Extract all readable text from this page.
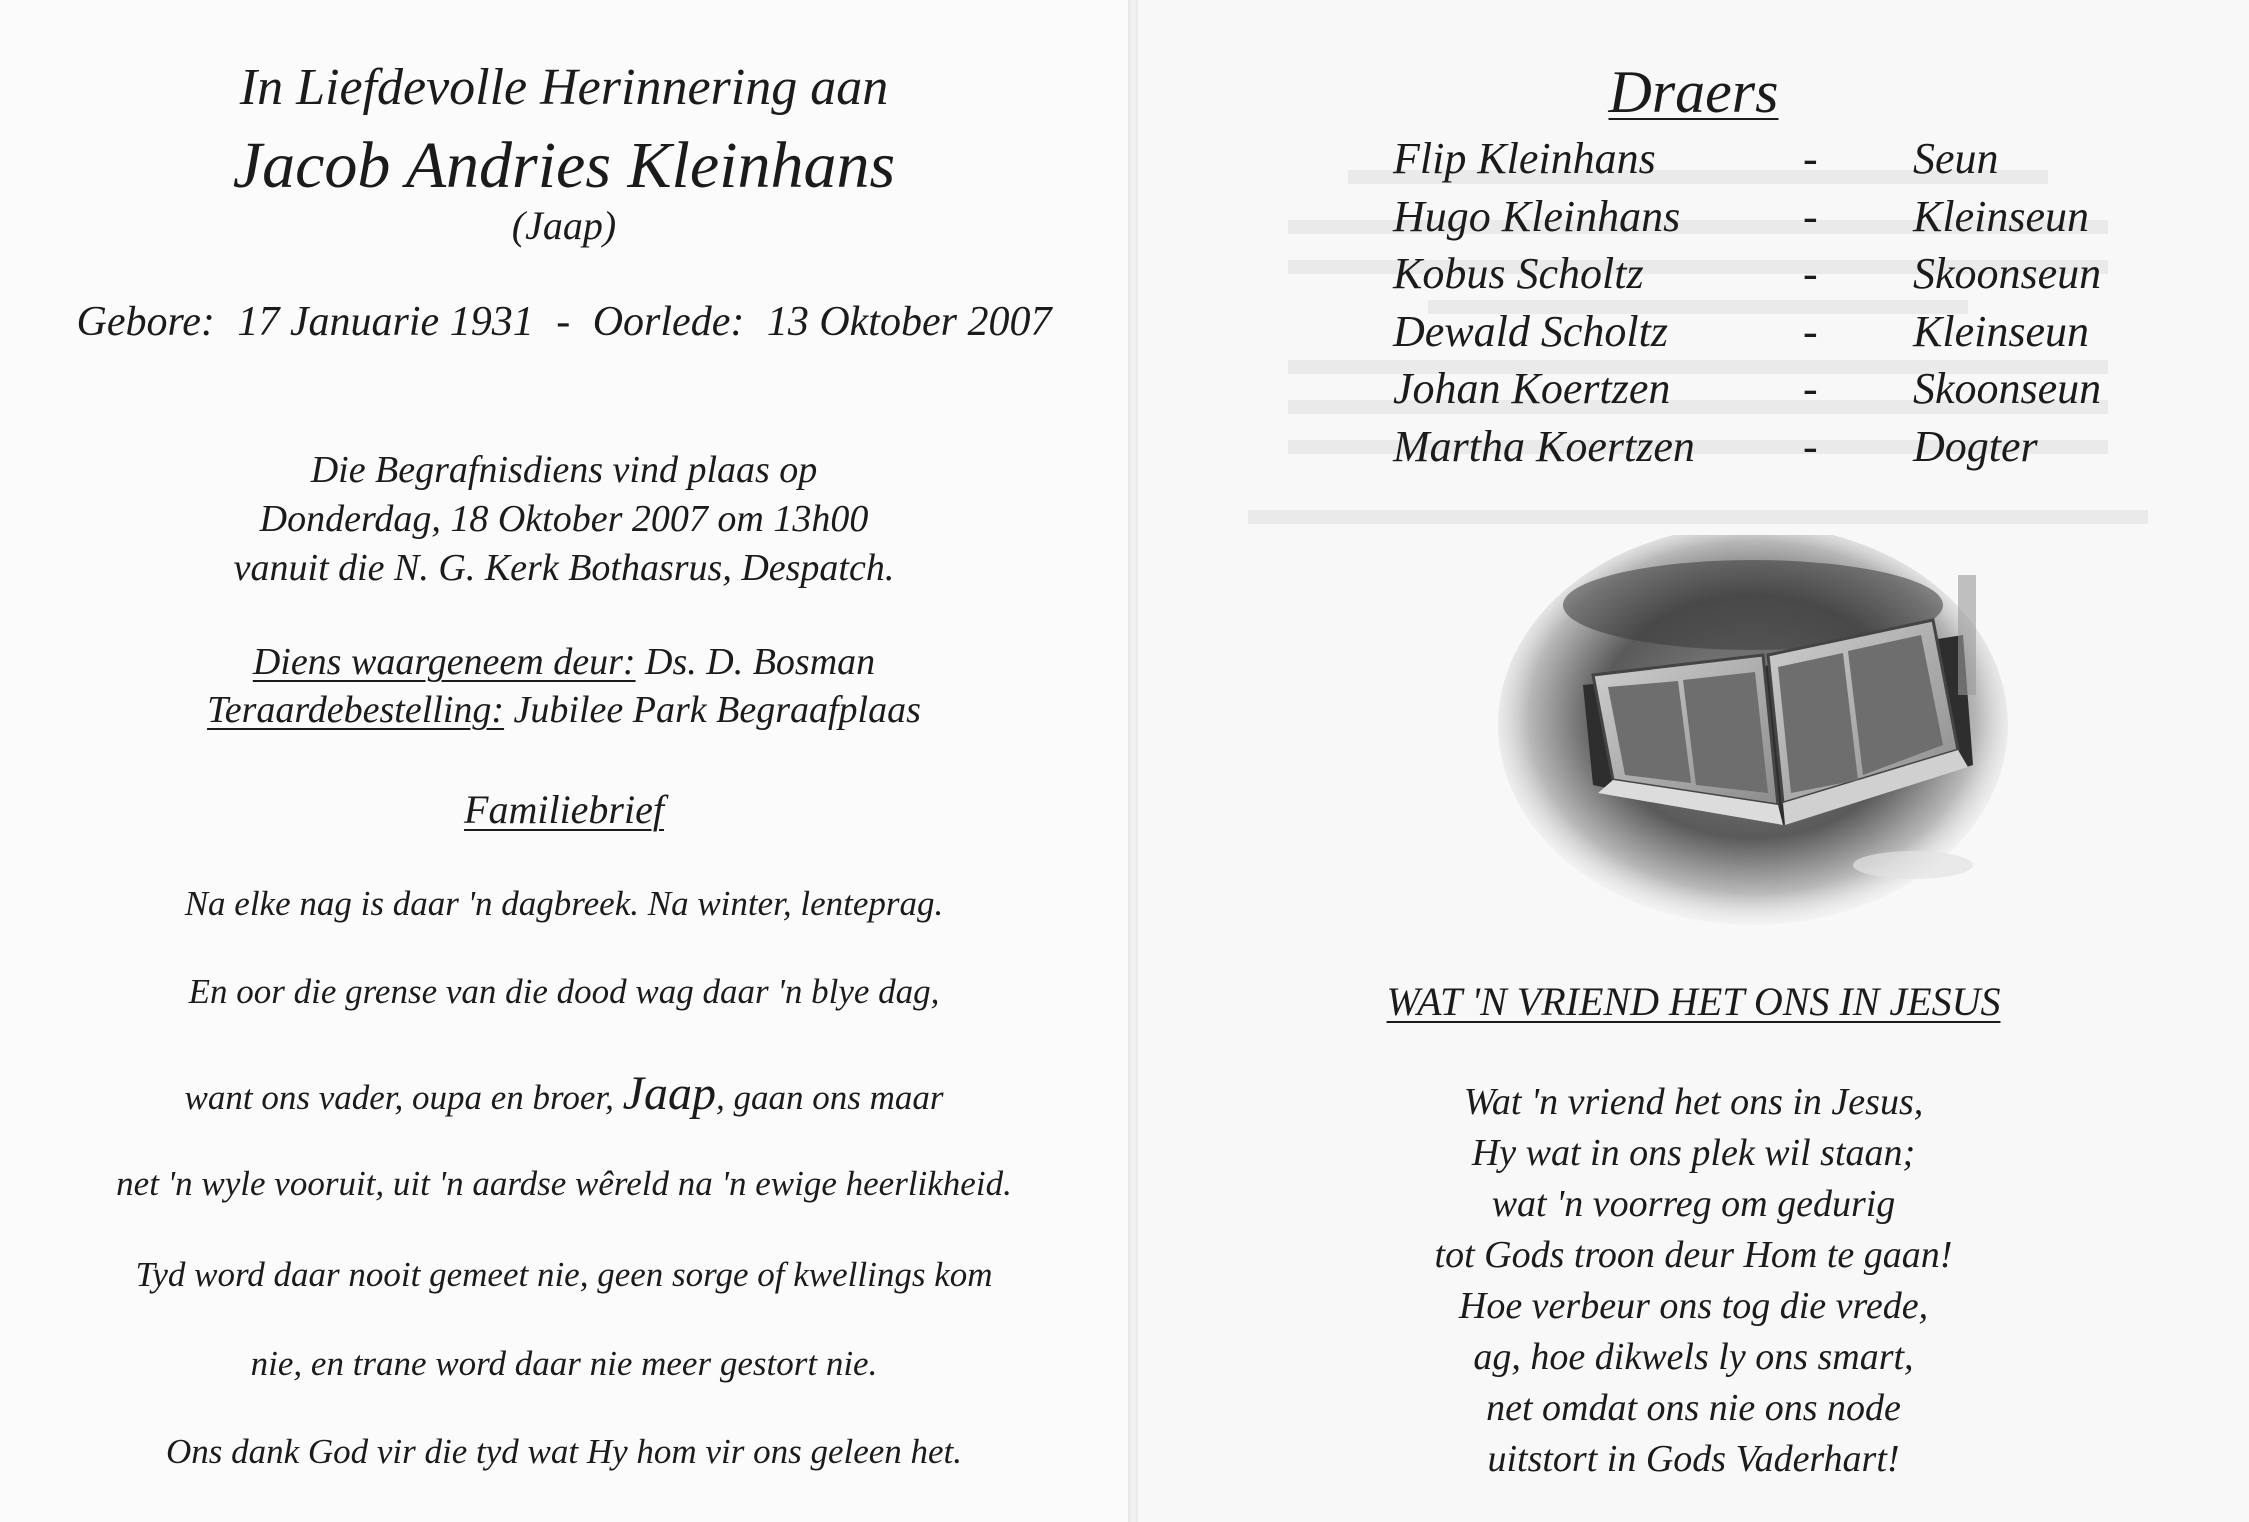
In Liefdevolle Herinnering aan
Jacob Andries Kleinhans
(Jaap)
Gebore: 17 Januarie 1931 - Oorlede: 13 Oktober 2007
Die Begrafnisdiens vind plaas op
Donderdag, 18 Oktober 2007 om 13h00
vanuit die N. G. Kerk Bothasrus, Despatch.
Diens waargeneem deur: Ds. D. Bosman
Teraardebestelling: Jubilee Park Begraafplaas
Familiebrief
Na elke nag is daar 'n dagbreek. Na winter, lenteprag.
En oor die grense van die dood wag daar 'n blye dag,
want ons vader, oupa en broer, Jaap, gaan ons maar
net 'n wyle vooruit, uit 'n aardse wêreld na 'n ewige heerlikheid.
Tyd word daar nooit gemeet nie, geen sorge of kwellings kom
nie, en trane word daar nie meer gestort nie.
Ons dank God vir die tyd wat Hy hom vir ons geleen het.
Draers
Flip Kleinhans	-	Seun
Hugo Kleinhans	-	Kleinseun
Kobus Scholtz	-	Skoonseun
Dewald Scholtz	-	Kleinseun
Johan Koertzen	-	Skoonseun
Martha Koertzen	-	Dogter
WAT 'N VRIEND HET ONS IN JESUS
Wat 'n vriend het ons in Jesus,
Hy wat in ons plek wil staan;
wat 'n voorreg om gedurig
tot Gods troon deur Hom te gaan!
Hoe verbeur ons tog die vrede,
ag, hoe dikwels ly ons smart,
net omdat ons nie ons node
uitstort in Gods Vaderhart!
